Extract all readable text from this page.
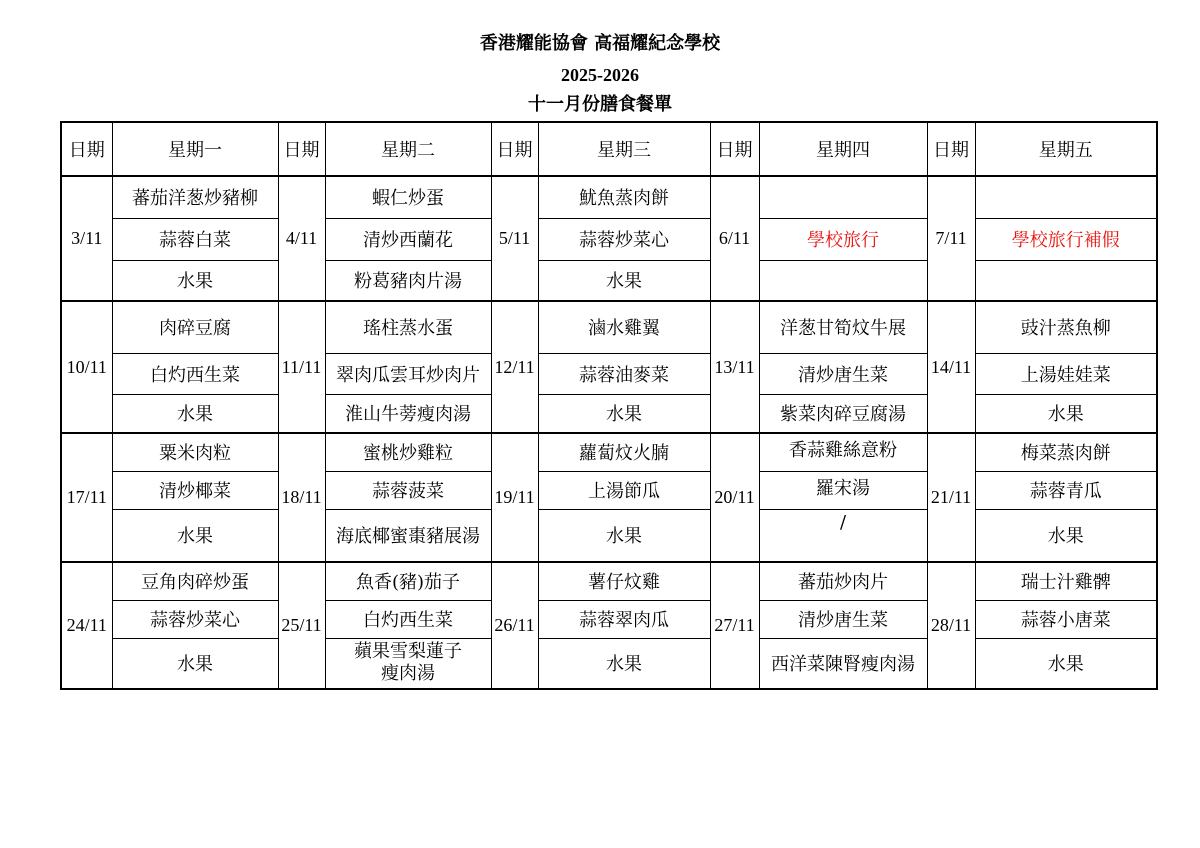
香港耀能協會 高福耀紀念學校
2025-2026
十一月份膳食餐單
日期	星期一	日期	星期二	日期	星期三	日期	星期四	日期	星期五
3/11	蕃茄洋葱炒豬柳	4/11	蝦仁炒蛋	5/11	魷魚蒸肉餅	6/11		7/11	
	蒜蓉白菜		清炒西蘭花		蒜蓉炒菜心		學校旅行		學校旅行補假
	水果		粉葛豬肉片湯		水果				
10/11	肉碎豆腐	11/11	瑤柱蒸水蛋	12/11	滷水雞翼	13/11	洋葱甘筍炆牛展	14/11	豉汁蒸魚柳
	白灼西生菜		翠肉瓜雲耳炒肉片		蒜蓉油麥菜		清炒唐生菜		上湯娃娃菜
	水果		淮山牛蒡瘦肉湯		水果		紫菜肉碎豆腐湯		水果
17/11	粟米肉粒	18/11	蜜桃炒雞粒	19/11	蘿蔔炆火腩	20/11	香蒜雞絲意粉	21/11	梅菜蒸肉餅
	清炒椰菜		蒜蓉菠菜		上湯節瓜		羅宋湯		蒜蓉青瓜
	水果		海底椰蜜棗豬展湯		水果		/		水果
24/11	豆角肉碎炒蛋	25/11	魚香(豬)茄子	26/11	薯仔炆雞	27/11	蕃茄炒肉片	28/11	瑞士汁雞髀
	蒜蓉炒菜心		白灼西生菜		蒜蓉翠肉瓜		清炒唐生菜		蒜蓉小唐菜
	水果		蘋果雪梨蓮子
瘦肉湯		水果		西洋菜陳腎瘦肉湯		水果
